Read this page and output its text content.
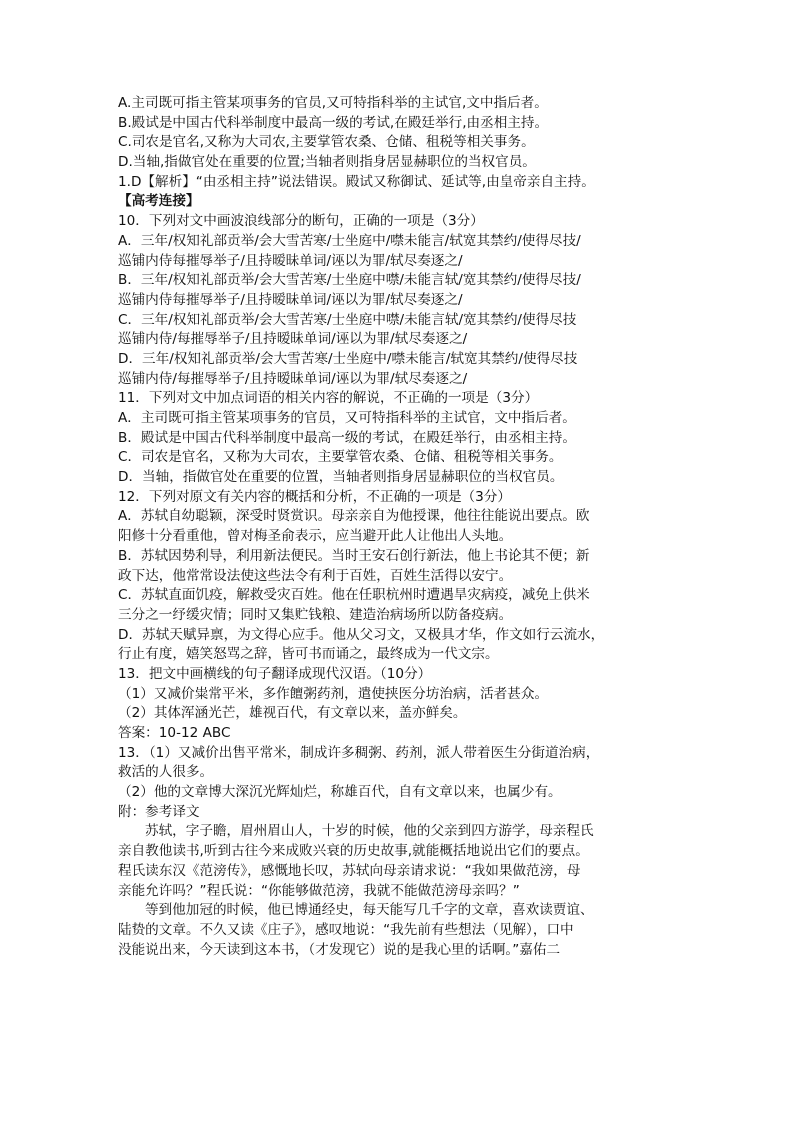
A.主司既可指主管某项事务的官员,又可特指科举的主试官,文中指后者。
B.殿试是中国古代科举制度中最高一级的考试,在殿廷举行,由丞相主持。
C.司农是官名,又称为大司农,主要掌管农桑、仓储、租税等相关事务。
D.当轴,指做官处在重要的位置;当轴者则指身居显赫职位的当权官员。
1.D【解析】“由丞相主持”说法错误。殿试又称御试、延试等,由皇帝亲自主持。
【高考连接】
10．下列对文中画波浪线部分的断句，正确的一项是（3分）
A．三年/权知礼部贡举/会大雪苦寒/士坐庭中/噤未能言/轼宽其禁约/使得尽技/
巡铺内侍每摧辱举子/且持暧昧单词/诬以为罪/轼尽奏逐之/
B．三年/权知礼部贡举/会大雪苦寒/士坐庭中噤/未能言轼/宽其禁约/使得尽技/
巡铺内侍每摧辱举子/且持暧昧单词/诬以为罪/轼尽奏逐之/
C．三年/权知礼部贡举/会大雪苦寒/士坐庭中噤/未能言轼/宽其禁约/使得尽技
巡铺内侍/每摧辱举子/且持暧昧单词/诬以为罪/轼尽奏逐之/
D．三年/权知礼部贡举/会大雪苦寒/士坐庭中/噤未能言/轼宽其禁约/使得尽技
巡铺内侍/每摧辱举子/且持暧昧单词/诬以为罪/轼尽奏逐之/
11．下列对文中加点词语的相关内容的解说，不正确的一项是（3分）
A．主司既可指主管某项事务的官员，又可特指科举的主试官，文中指后者。
B．殿试是中国古代科举制度中最高一级的考试，在殿廷举行，由丞相主持。
C．司农是官名，又称为大司农，主要掌管农桑、仓储、租税等相关事务。
D．当轴，指做官处在重要的位置，当轴者则指身居显赫职位的当权官员。
12．下列对原文有关内容的概括和分析，不正确的一项是（3分）
A．苏轼自幼聪颖，深受时贤赏识。母亲亲自为他授课，他往往能说出要点。欧
阳修十分看重他，曾对梅圣俞表示，应当避开此人让他出人头地。
B．苏轼因势利导，利用新法便民。当时王安石创行新法，他上书论其不便；新
政下达，他常常设法使这些法令有利于百姓，百姓生活得以安宁。
C．苏轼直面饥疫，解救受灾百姓。他在任职杭州时遭遇旱灾病疫，减免上供米
三分之一纾缓灾情；同时又集贮钱粮、建造治病场所以防备疫病。
D．苏轼天赋异禀，为文得心应手。他从父习文，又极具才华，作文如行云流水，
行止有度，嬉笑怒骂之辞，皆可书而诵之，最终成为一代文宗。
13．把文中画横线的句子翻译成现代汉语。（10分）
（1）又减价粜常平米，多作饘粥药剂，遣使挟医分坊治病，活者甚众。
（2）其体浑涵光芒，雄视百代，有文章以来，盖亦鲜矣。
答案：10-12 ABC
13．（1）又减价出售平常米，制成许多稠粥、药剂，派人带着医生分街道治病，
救活的人很多。
（2）他的文章博大深沉光辉灿烂，称雄百代，自有文章以来，也属少有。
附：参考译文
苏轼，字子瞻，眉州眉山人，十岁的时候，他的父亲到四方游学，母亲程氏
亲自教他读书,听到古往今来成败兴衰的历史故事,就能概括地说出它们的要点。
程氏读东汉《范滂传》，感慨地长叹，苏轼向母亲请求说：“我如果做范滂，母
亲能允许吗？”程氏说：“你能够做范滂，我就不能做范滂母亲吗？”
等到他加冠的时候，他已博通经史，每天能写几千字的文章，喜欢读贾谊、
陆贽的文章。不久又读《庄子》，感叹地说：“我先前有些想法（见解），口中
没能说出来，今天读到这本书，（才发现它）说的是我心里的话啊。”嘉佑二
